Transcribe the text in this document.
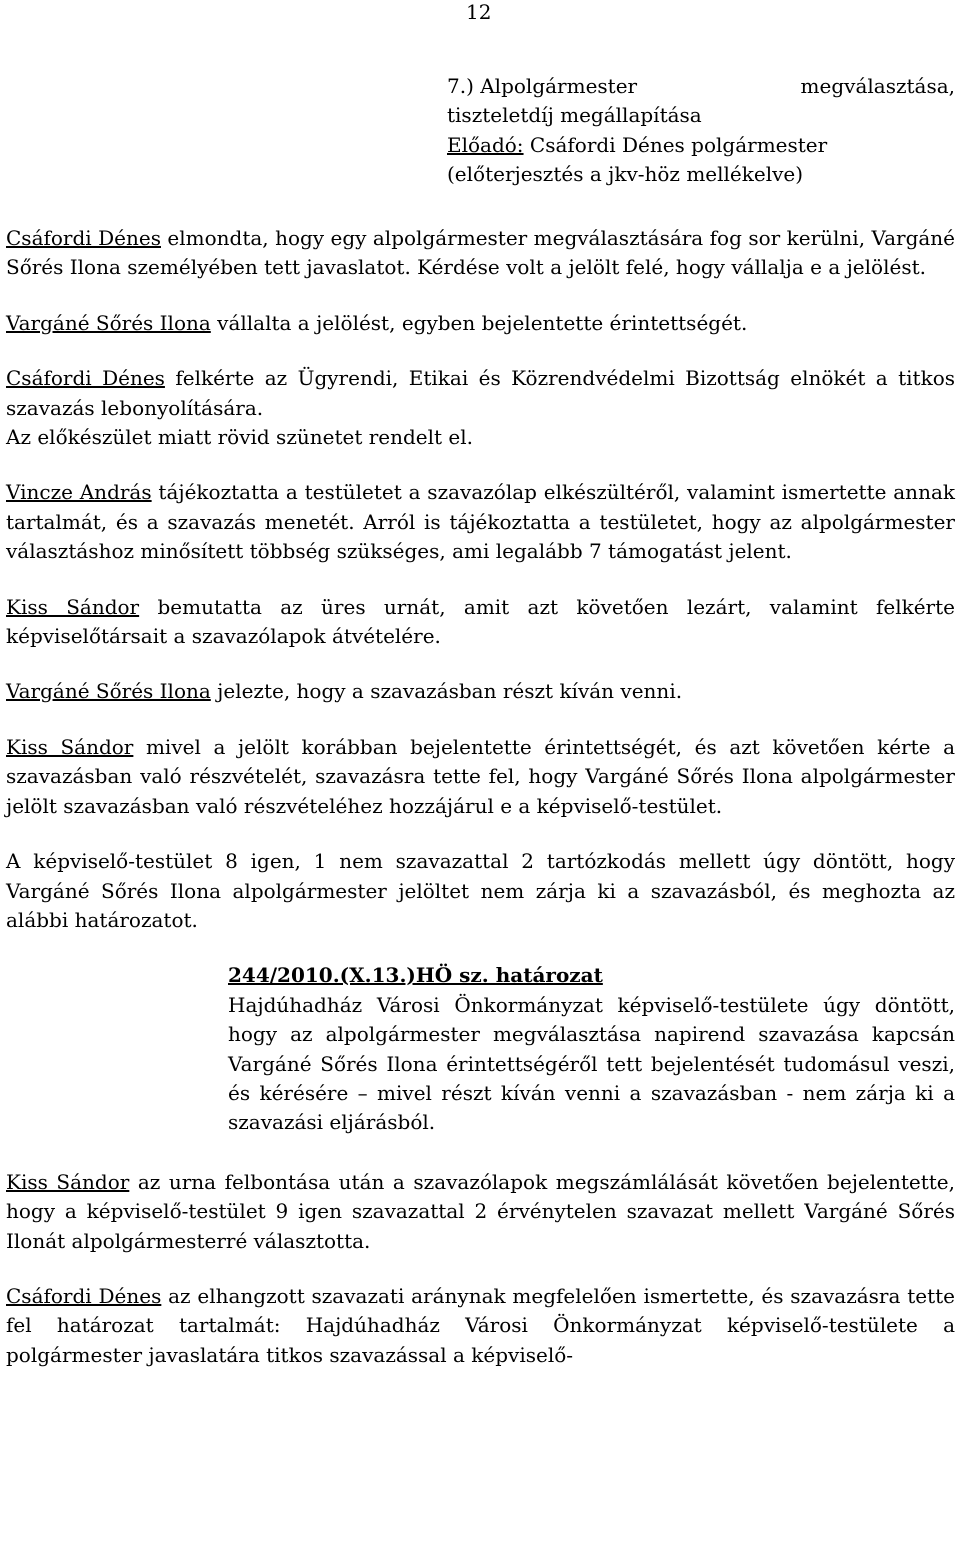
12
7.) Alpolgármester	megválasztása,
tiszteletdíj megállapítása
Előadó: Csáfordi Dénes polgármester
(előterjesztés a jkv-höz mellékelve)

Csáfordi Dénes elmondta, hogy egy alpolgármester megválasztására fog sor kerülni, Vargáné Sőrés Ilona személyében tett javaslatot. Kérdése volt a jelölt felé, hogy vállalja e a jelölést.

Vargáné Sőrés Ilona vállalta a jelölést, egyben bejelentette érintettségét.

Csáfordi Dénes felkérte az Ügyrendi, Etikai és Közrendvédelmi Bizottság elnökét a titkos szavazás lebonyolítására.

Az előkészület miatt rövid szünetet rendelt el.

Vincze András tájékoztatta a testületet a szavazólap elkészültéről, valamint ismertette annak tartalmát, és a szavazás menetét. Arról is tájékoztatta a testületet, hogy az alpolgármester választáshoz minősített többség szükséges, ami legalább 7 támogatást jelent.

Kiss Sándor bemutatta az üres urnát, amit azt követően lezárt, valamint felkérte képviselőtársait a szavazólapok átvételére.

Vargáné Sőrés Ilona jelezte, hogy a szavazásban részt kíván venni.

Kiss Sándor mivel a jelölt korábban bejelentette érintettségét, és azt követően kérte a szavazásban való részvételét, szavazásra tette fel, hogy Vargáné Sőrés Ilona alpolgármester jelölt szavazásban való részvételéhez hozzájárul e a képviselő-testület.

A képviselő-testület 8 igen, 1 nem szavazattal 2 tartózkodás mellett úgy döntött, hogy Vargáné Sőrés Ilona alpolgármester jelöltet nem zárja ki a szavazásból, és meghozta az alábbi határozatot.

244/2010.(X.13.)HÖ sz. határozat
Hajdúhadház Városi Önkormányzat képviselő-testülete úgy döntött, hogy az alpolgármester megválasztása napirend szavazása kapcsán Vargáné Sőrés Ilona érintettségéről tett bejelentését tudomásul veszi, és kérésére – mivel részt kíván venni a szavazásban - nem zárja ki a szavazási eljárásból.

Kiss Sándor az urna felbontása után a szavazólapok megszámlálását követően bejelentette, hogy a képviselő-testület 9 igen szavazattal 2 érvénytelen szavazat mellett Vargáné Sőrés Ilonát alpolgármesterré választotta.

Csáfordi Dénes az elhangzott szavazati aránynak megfelelően ismertette, és szavazásra tette fel határozat tartalmát: Hajdúhadház Városi Önkormányzat képviselő-testülete a polgármester javaslatára titkos szavazással a képviselő-
